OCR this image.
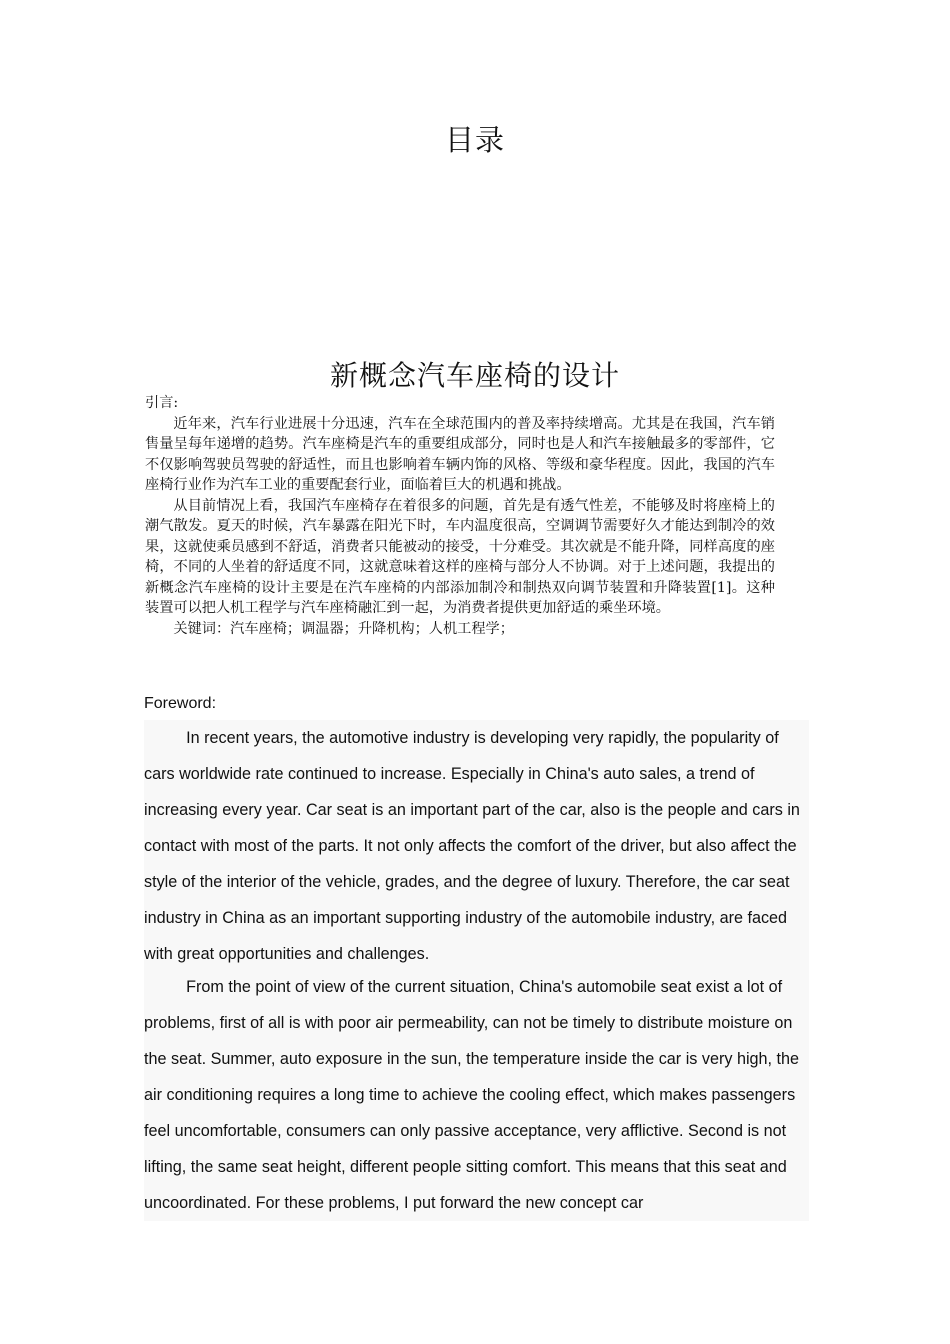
目录
新概念汽车座椅的设计

引言:

近年来，汽车行业进展十分迅速，汽车在全球范围内的普及率持续增高。尤其是在我国，汽车销售量呈每年递增的趋势。汽车座椅是汽车的重要组成部分，同时也是人和汽车接触最多的零部件，它不仅影响驾驶员驾驶的舒适性，而且也影响着车辆内饰的风格、等级和豪华程度。因此，我国的汽车座椅行业作为汽车工业的重要配套行业，面临着巨大的机遇和挑战。

从目前情况上看，我国汽车座椅存在着很多的问题，首先是有透气性差，不能够及时将座椅上的潮气散发。夏天的时候，汽车暴露在阳光下时，车内温度很高，空调调节需要好久才能达到制冷的效果，这就使乘员感到不舒适，消费者只能被动的接受，十分难受。其次就是不能升降，同样高度的座椅，不同的人坐着的舒适度不同，这就意味着这样的座椅与部分人不协调。对于上述问题，我提出的新概念汽车座椅的设计主要是在汽车座椅的内部添加制冷和制热双向调节装置和升降装置[1]。这种装置可以把人机工程学与汽车座椅融汇到一起，为消费者提供更加舒适的乘坐环境。

关键词：汽车座椅；调温器；升降机构；人机工程学；

Foreword:

In recent years, the automotive industry is developing very rapidly, the popularity of cars worldwide rate continued to increase. Especially in China's auto sales, a trend of increasing every year. Car seat is an important part of the car, also is the people and cars in contact with most of the parts. It not only affects the comfort of the driver, but also affect the style of the interior of the vehicle, grades, and the degree of luxury. Therefore, the car seat industry in China as an important supporting industry of the automobile industry, are faced with great opportunities and challenges.

From the point of view of the current situation, China's automobile seat exist a lot of problems, first of all is with poor air permeability, can not be timely to distribute moisture on the seat. Summer, auto exposure in the sun, the temperature inside the car is very high, the air conditioning requires a long time to achieve the cooling effect, which makes passengers feel uncomfortable, consumers can only passive acceptance, very afflictive. Second is not lifting, the same seat height, different people sitting comfort. This means that this seat and uncoordinated. For these problems, I put forward the new concept car
